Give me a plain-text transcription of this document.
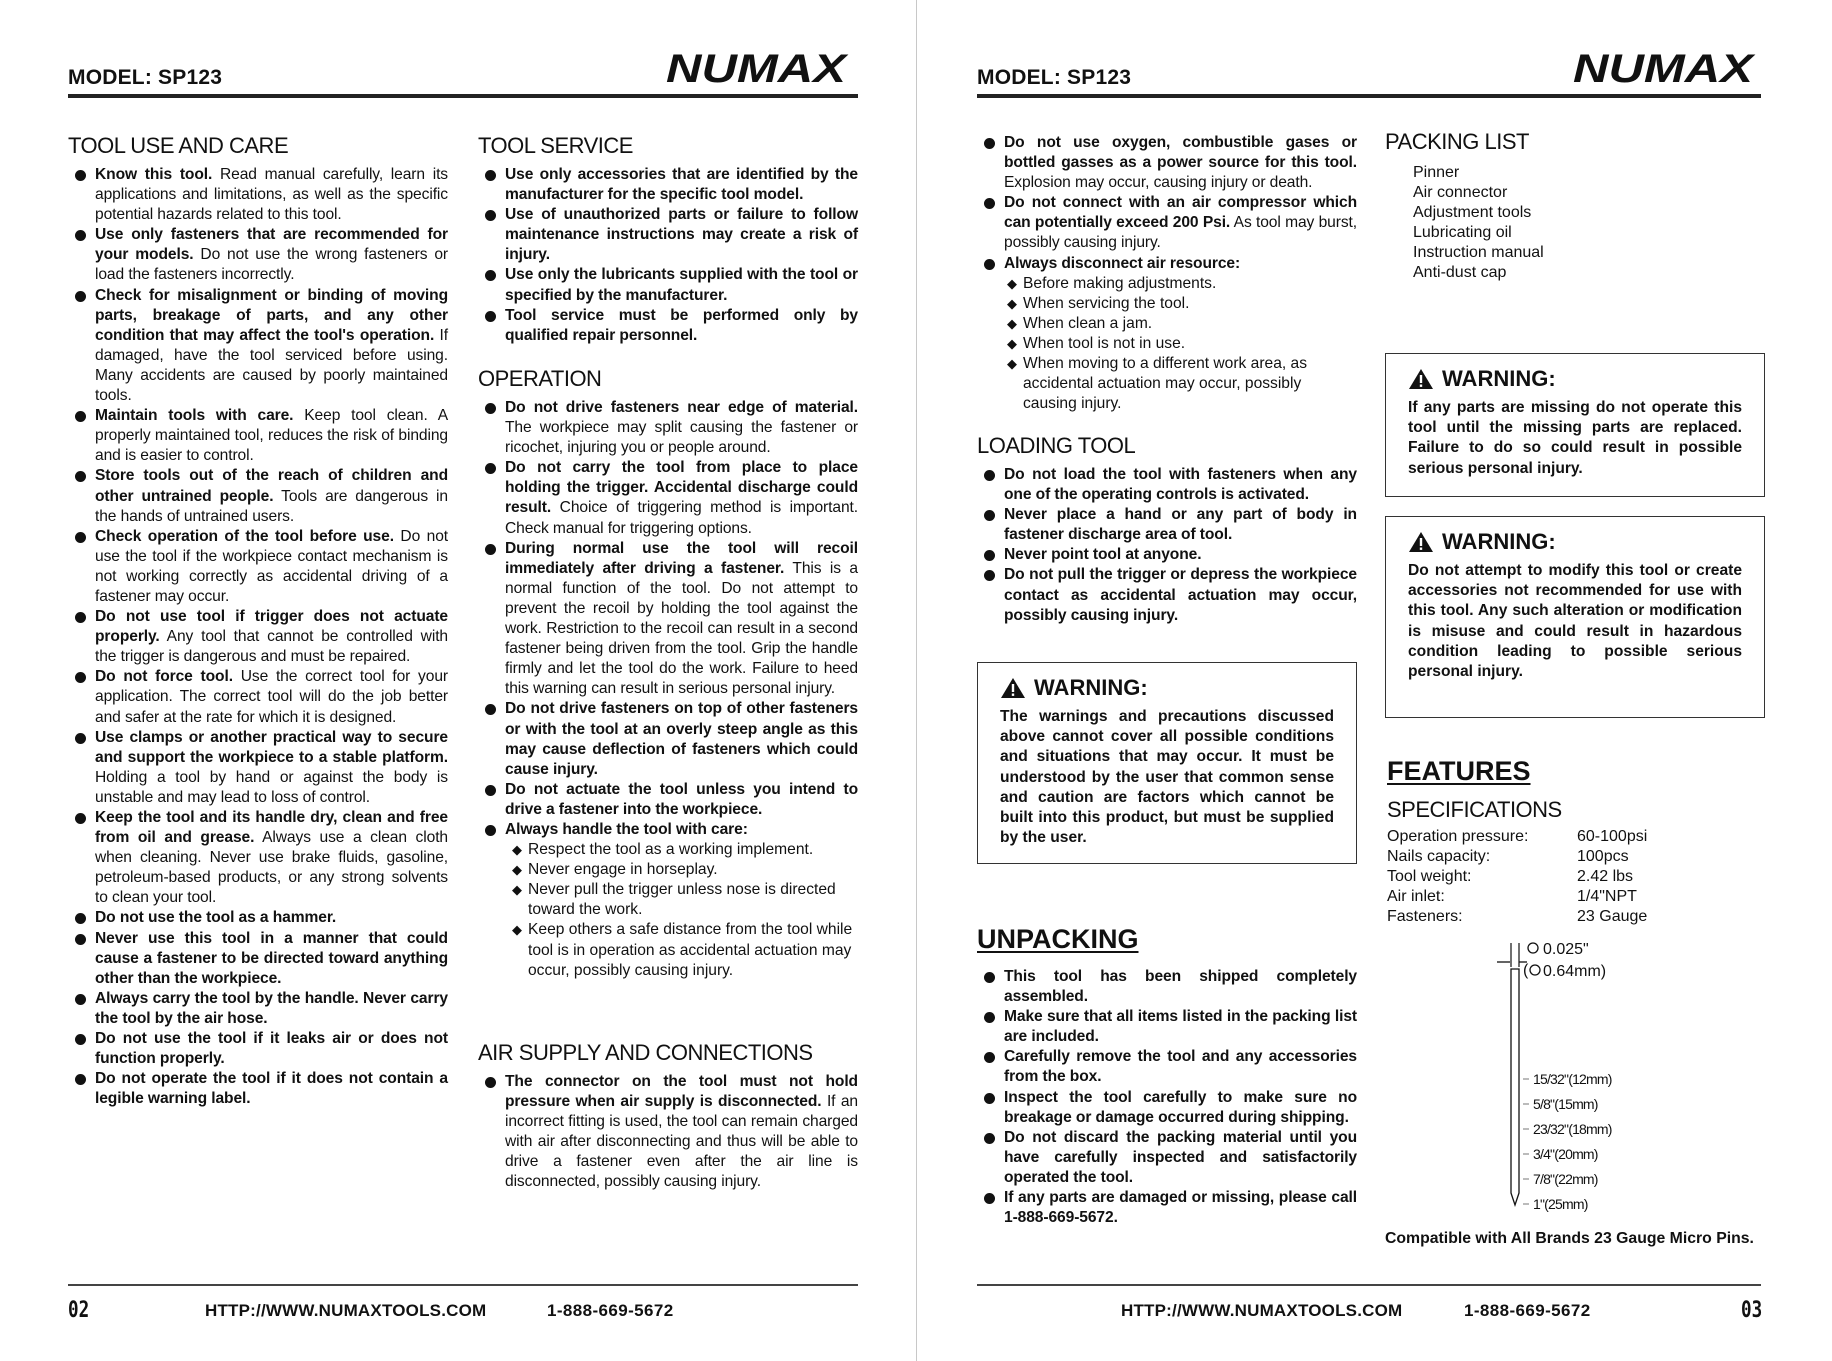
MODEL: SP123	NUMAX
TOOL USE AND CARE
Know this tool. Read manual carefully, learn its applications and limitations, as well as the specific potential hazards related to this tool.
Use only fasteners that are recommended for your models. Do not use the wrong fasteners or load the fasteners incorrectly.
Check for misalignment or binding of moving parts, breakage of parts, and any other condition that may affect the tool's operation. If damaged, have the tool serviced before using. Many accidents are caused by poorly maintained tools.
Maintain tools with care. Keep tool clean. A properly maintained tool, reduces the risk of binding and is easier to control.
Store tools out of the reach of children and other untrained people. Tools are dangerous in the hands of untrained users.
Check operation of the tool before use. Do not use the tool if the workpiece contact mechanism is not working correctly as accidental driving of a fastener may occur.
Do not use tool if trigger does not actuate properly. Any tool that cannot be controlled with the trigger is dangerous and must be repaired.
Do not force tool. Use the correct tool for your application. The correct tool will do the job better and safer at the rate for which it is designed.
Use clamps or another practical way to secure and support the workpiece to a stable platform. Holding a tool by hand or against the body is unstable and may lead to loss of control.
Keep the tool and its handle dry, clean and free from oil and grease. Always use a clean cloth when cleaning. Never use brake fluids, gasoline, petroleum-based products, or any strong solvents to clean your tool.
Do not use the tool as a hammer.
Never use this tool in a manner that could cause a fastener to be directed toward anything other than the workpiece.
Always carry the tool by the handle. Never carry the tool by the air hose.
Do not use the tool if it leaks air or does not function properly.
Do not operate the tool if it does not contain a legible warning label.
TOOL SERVICE
Use only accessories that are identified by the manufacturer for the specific tool model.
Use of unauthorized parts or failure to follow maintenance instructions may create a risk of injury.
Use only the lubricants supplied with the tool or specified by the manufacturer.
Tool service must be performed only by qualified repair personnel.
OPERATION
Do not drive fasteners near edge of material. The workpiece may split causing the fastener or ricochet, injuring you or people around.
Do not carry the tool from place to place holding the trigger. Accidental discharge could result. Choice of triggering method is important. Check manual for triggering options.
During normal use the tool will recoil immediately after driving a fastener. This is a normal function of the tool. Do not attempt to prevent the recoil by holding the tool against the work. Restriction to the recoil can result in a second fastener being driven from the tool. Grip the handle firmly and let the tool do the work. Failure to heed this warning can result in serious personal injury.
Do not drive fasteners on top of other fasteners or with the tool at an overly steep angle as this may cause deflection of fasteners which could cause injury.
Do not actuate the tool unless you intend to drive a fastener into the workpiece.
Always handle the tool with care:
◆ Respect the tool as a working implement.
◆ Never engage in horseplay.
◆ Never pull the trigger unless nose is directed toward the work.
◆ Keep others a safe distance from the tool while tool is in operation as accidental actuation may occur, possibly causing injury.
AIR SUPPLY AND CONNECTIONS
The connector on the tool must not hold pressure when air supply is disconnected. If an incorrect fitting is used, the tool can remain charged with air after disconnecting and thus will be able to drive a fastener even after the air line is disconnected, possibly causing injury.
02	HTTP://WWW.NUMAXTOOLS.COM	1-888-669-5672
MODEL: SP123	NUMAX
Do not use oxygen, combustible gases or bottled gasses as a power source for this tool. Explosion may occur, causing injury or death.
Do not connect with an air compressor which can potentially exceed 200 Psi. As tool may burst, possibly causing injury.
Always disconnect air resource:
◆ Before making adjustments.
◆ When servicing the tool.
◆ When clean a jam.
◆ When tool is not in use.
◆ When moving to a different work area, as accidental actuation may occur, possibly causing injury.
LOADING TOOL
Do not load the tool with fasteners when any one of the operating controls is activated.
Never place a hand or any part of body in fastener discharge area of tool.
Never point tool at anyone.
Do not pull the trigger or depress the workpiece contact as accidental actuation may occur, possibly causing injury.
WARNING:
The warnings and precautions discussed above cannot cover all possible conditions and situations that may occur. It must be understood by the user that common sense and caution are factors which cannot be built into this product, but must be supplied by the user.
UNPACKING
This tool has been shipped completely assembled.
Make sure that all items listed in the packing list are included.
Carefully remove the tool and any accessories from the box.
Inspect the tool carefully to make sure no breakage or damage occurred during shipping.
Do not discard the packing material until you have carefully inspected and satisfactorily operated the tool.
If any parts are damaged or missing, please call 1-888-669-5672.
PACKING LIST
Pinner
Air connector
Adjustment tools
Lubricating oil
Instruction manual
Anti-dust cap
WARNING:
If any parts are missing do not operate this tool until the missing parts are replaced. Failure to do so could result in possible serious personal injury.
WARNING:
Do not attempt to modify this tool or create accessories not recommended for use with this tool. Any such alteration or modification is misuse and could result in hazardous condition leading to possible serious personal injury.
FEATURES
SPECIFICATIONS
Operation pressure:	60-100psi
Nails capacity:	100pcs
Tool weight:	2.42 lbs
Air inlet:	1/4"NPT
Fasteners:	23 Gauge
0.025"
( 0.64mm)
15/32"(12mm)
5/8"(15mm)
23/32"(18mm)
3/4"(20mm)
7/8"(22mm)
1"(25mm)
Compatible with All Brands 23 Gauge Micro Pins.
HTTP://WWW.NUMAXTOOLS.COM	1-888-669-5672	03
